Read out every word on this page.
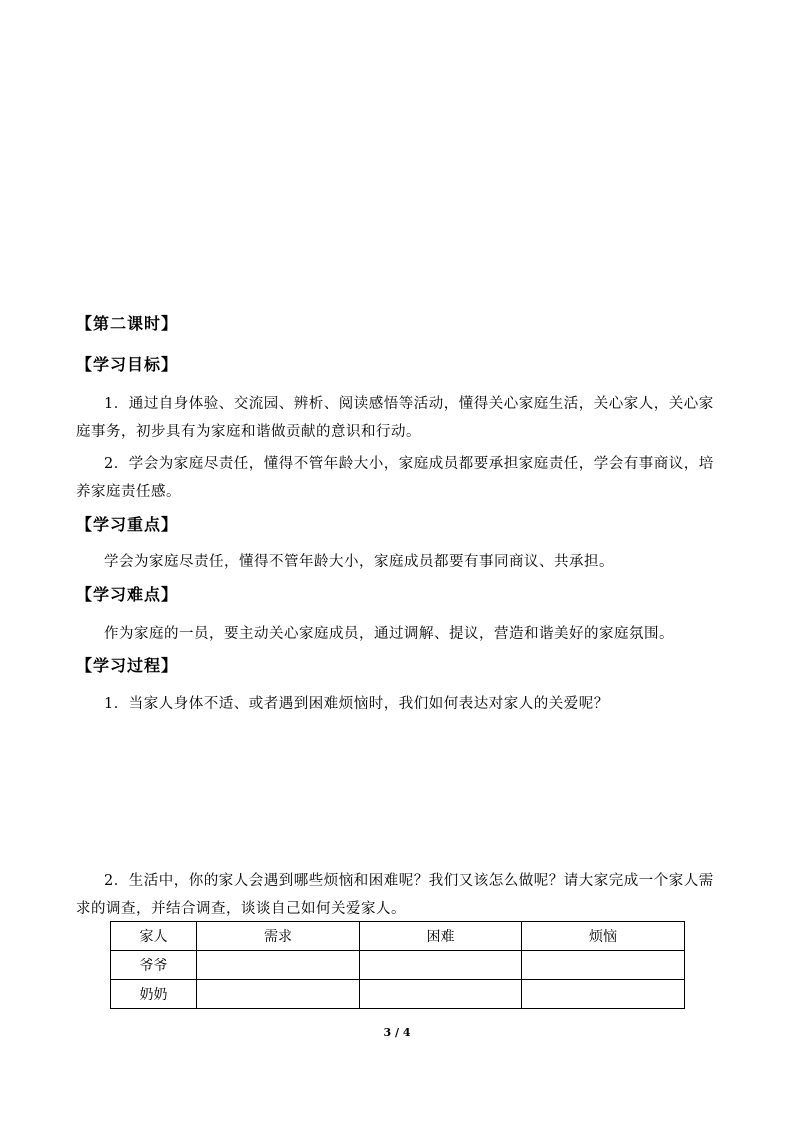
【第二课时】
【学习目标】

1．通过自身体验、交流园、辨析、阅读感悟等活动，懂得关心家庭生活，关心家人，关心家庭事务，初步具有为家庭和谐做贡献的意识和行动。

2．学会为家庭尽责任，懂得不管年龄大小，家庭成员都要承担家庭责任，学会有事商议，培养家庭责任感。

【学习重点】

学会为家庭尽责任，懂得不管年龄大小，家庭成员都要有事同商议、共承担。

【学习难点】

作为家庭的一员，要主动关心家庭成员，通过调解、提议，营造和谐美好的家庭氛围。

【学习过程】

1．当家人身体不适、或者遇到困难烦恼时，我们如何表达对家人的关爱呢？

2．生活中，你的家人会遇到哪些烦恼和困难呢？我们又该怎么做呢？请大家完成一个家人需求的调查，并结合调查，谈谈自己如何关爱家人。

家人	需求	困难	烦恼
爷爷			
奶奶			
3 / 4
